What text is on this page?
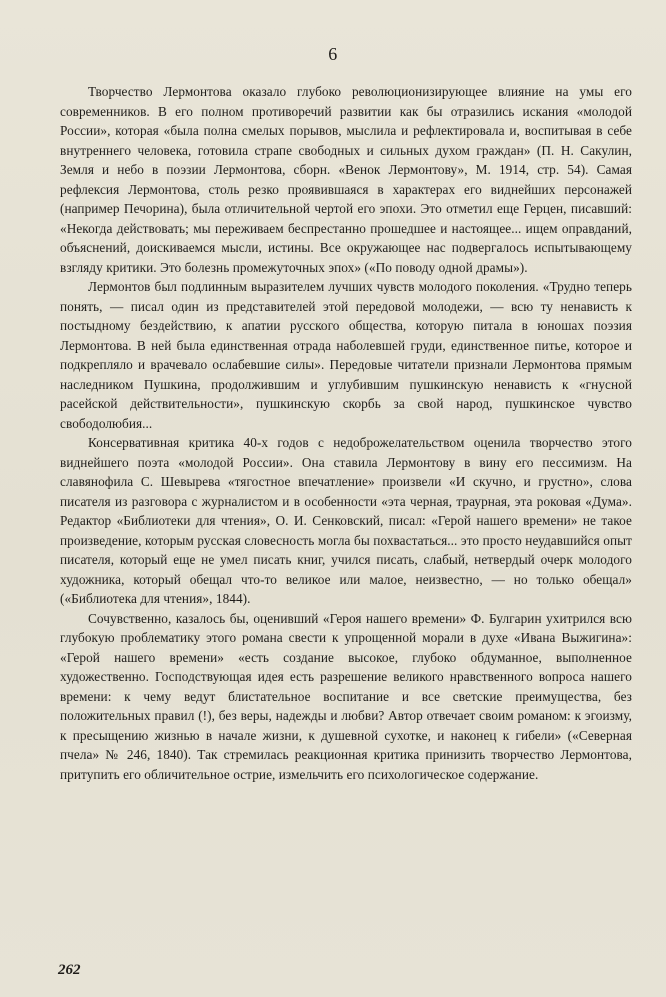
6

Творчество Лермонтова оказало глубоко революционизирующее влияние на умы его современников. В его полном противоречий развитии как бы отразились искания «молодой России», которая «была полна смелых порывов, мыслила и рефлектировала и, воспитывая в себе внутреннего человека, готовила страпе свободных и сильных духом граждан» (П. Н. Сакулин, Земля и небо в поэзии Лермонтова, сборн. «Венок Лермонтову», М. 1914, стр. 54). Самая рефлексия Лермонтова, столь резко проявившаяся в характерах его виднейших персонажей (например Печорина), была отличительной чертой его эпохи. Это отметил еще Герцен, писавший: «Некогда действовать; мы переживаем беспрестанно прошедшее и настоящее... ищем оправданий, объяснений, доискиваемся мысли, истины. Все окружающее нас подвергалось испытывающему взгляду критики. Это болезнь промежуточных эпох» («По поводу одной драмы»).

Лермонтов был подлинным выразителем лучших чувств молодого поколения. «Трудно теперь понять, — писал один из представителей этой передовой молодежи, — всю ту ненависть к постыдному бездействию, к апатии русского общества, которую питала в юношах поэзия Лермонтова. В ней была единственная отрада наболевшей груди, единственное питье, которое и подкрепляло и врачевало ослабевшие силы». Передовые читатели признали Лермонтова прямым наследником Пушкина, продолжившим и углубившим пушкинскую ненависть к «гнусной расейской действительности», пушкинскую скорбь за свой народ, пушкинское чувство свободолюбия...

Консервативная критика 40-х годов с недоброжелательством оценила творчество этого виднейшего поэта «молодой России». Она ставила Лермонтову в вину его пессимизм. На славянофила С. Шевырева «тягостное впечатление» произвели «И скучно, и грустно», слова писателя из разговора с журналистом и в особенности «эта черная, траурная, эта роковая «Дума». Редактор «Библиотеки для чтения», О. И. Сенковский, писал: «Герой нашего времени» не такое произведение, которым русская словесность могла бы похвастаться... это просто неудавшийся опыт писателя, который еще не умел писать книг, учился писать, слабый, нетвердый очерк молодого художника, который обещал что-то великое или малое, неизвестно, — но только обещал» («Библиотека для чтения», 1844).

Сочувственно, казалось бы, оценивший «Героя нашего времени» Ф. Булгарин ухитрился всю глубокую проблематику этого романа свести к упрощенной морали в духе «Ивана Выжигина»: «Герой нашего времени» «есть создание высокое, глубоко обдуманное, выполненное художественно. Господствующая идея есть разрешение великого нравственного вопроса нашего времени: к чему ведут блистательное воспитание и все светские преимущества, без положительных правил (!), без веры, надежды и любви? Автор отвечает своим романом: к эгоизму, к пресыщению жизнью в начале жизни, к душевной сухотке, и наконец к гибели» («Северная пчела» № 246, 1840). Так стремилась реакционная критика принизить творчество Лермонтова, притупить его обличительное острие, измельчить его психологическое содержание.

262
